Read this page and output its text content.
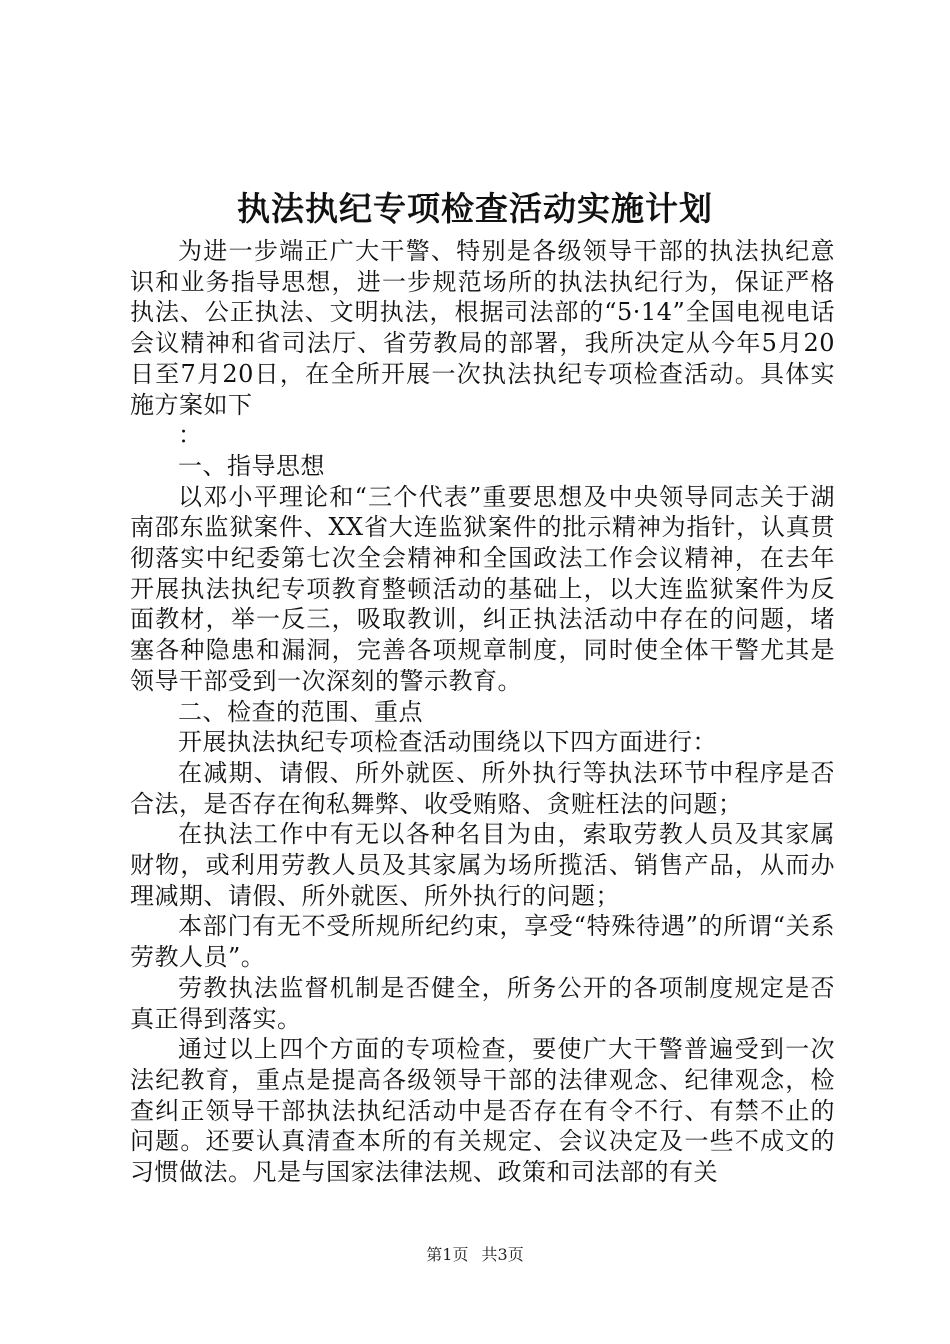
执法执纪专项检查活动实施计划

为进一步端正广大干警、特别是各级领导干部的执法执纪意识和业务指导思想，进一步规范场所的执法执纪行为，保证严格执法、公正执法、文明执法，根据司法部的“5·14”全国电视电话会议精神和省司法厅、省劳教局的部署，我所决定从今年5月20日至7月20日，在全所开展一次执法执纪专项检查活动。具体实施方案如下

：

一、指导思想

以邓小平理论和“三个代表”重要思想及中央领导同志关于湖南邵东监狱案件、XX省大连监狱案件的批示精神为指针，认真贯彻落实中纪委第七次全会精神和全国政法工作会议精神，在去年开展执法执纪专项教育整顿活动的基础上，以大连监狱案件为反面教材，举一反三，吸取教训，纠正执法活动中存在的问题，堵塞各种隐患和漏洞，完善各项规章制度，同时使全体干警尤其是领导干部受到一次深刻的警示教育。

二、检查的范围、重点

开展执法执纪专项检查活动围绕以下四方面进行：

在减期、请假、所外就医、所外执行等执法环节中程序是否合法，是否存在徇私舞弊、收受贿赂、贪赃枉法的问题；

在执法工作中有无以各种名目为由，索取劳教人员及其家属财物，或利用劳教人员及其家属为场所揽活、销售产品，从而办理减期、请假、所外就医、所外执行的问题；

本部门有无不受所规所纪约束，享受“特殊待遇”的所谓“关系劳教人员”。

劳教执法监督机制是否健全，所务公开的各项制度规定是否真正得到落实。

通过以上四个方面的专项检查，要使广大干警普遍受到一次法纪教育，重点是提高各级领导干部的法律观念、纪律观念，检查纠正领导干部执法执纪活动中是否存在有令不行、有禁不止的问题。还要认真清查本所的有关规定、会议决定及一些不成文的习惯做法。凡是与国家法律法规、政策和司法部的有关

第1页 共3页
